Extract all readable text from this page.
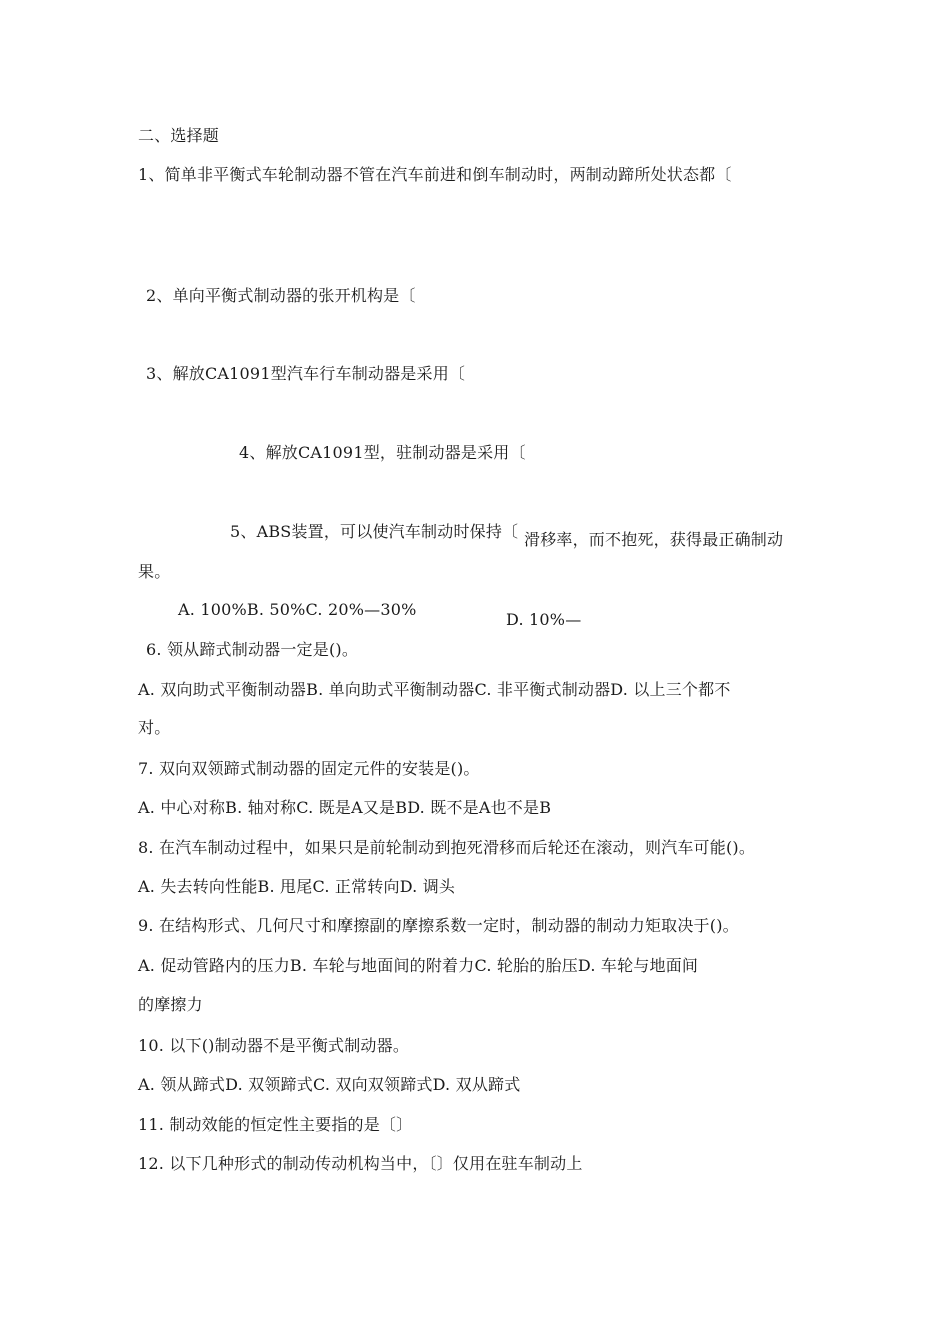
二、选择题
1、简单非平衡式车轮制动器不管在汽车前进和倒车制动时，两制动蹄所处状态都〔
2、单向平衡式制动器的张开机构是〔
3、解放CA1091型汽车行车制动器是采用〔
4、解放CA1091型，驻制动器是采用〔
5、ABS装置，可以使汽车制动时保持〔 滑移率，而不抱死，获得最正确制动
果。
A. 100%B. 50%C. 20%—30%
D. 10%—
6. 领从蹄式制动器一定是()。
A. 双向助式平衡制动器B. 单向助式平衡制动器C. 非平衡式制动器D. 以上三个都不
对。
7. 双向双领蹄式制动器的固定元件的安装是()。
A. 中心对称B. 轴对称C. 既是A又是BD. 既不是A也不是B
8. 在汽车制动过程中，如果只是前轮制动到抱死滑移而后轮还在滚动，则汽车可能()。
A. 失去转向性能B. 甩尾C. 正常转向D. 调头
9. 在结构形式、几何尺寸和摩擦副的摩擦系数一定时，制动器的制动力矩取决于()。
A. 促动管路内的压力B. 车轮与地面间的附着力C. 轮胎的胎压D. 车轮与地面间
的摩擦力
10. 以下()制动器不是平衡式制动器。
A. 领从蹄式D. 双领蹄式C. 双向双领蹄式D. 双从蹄式
11. 制动效能的恒定性主要指的是〔〕
12. 以下几种形式的制动传动机构当中，〔〕仅用在驻车制动上
